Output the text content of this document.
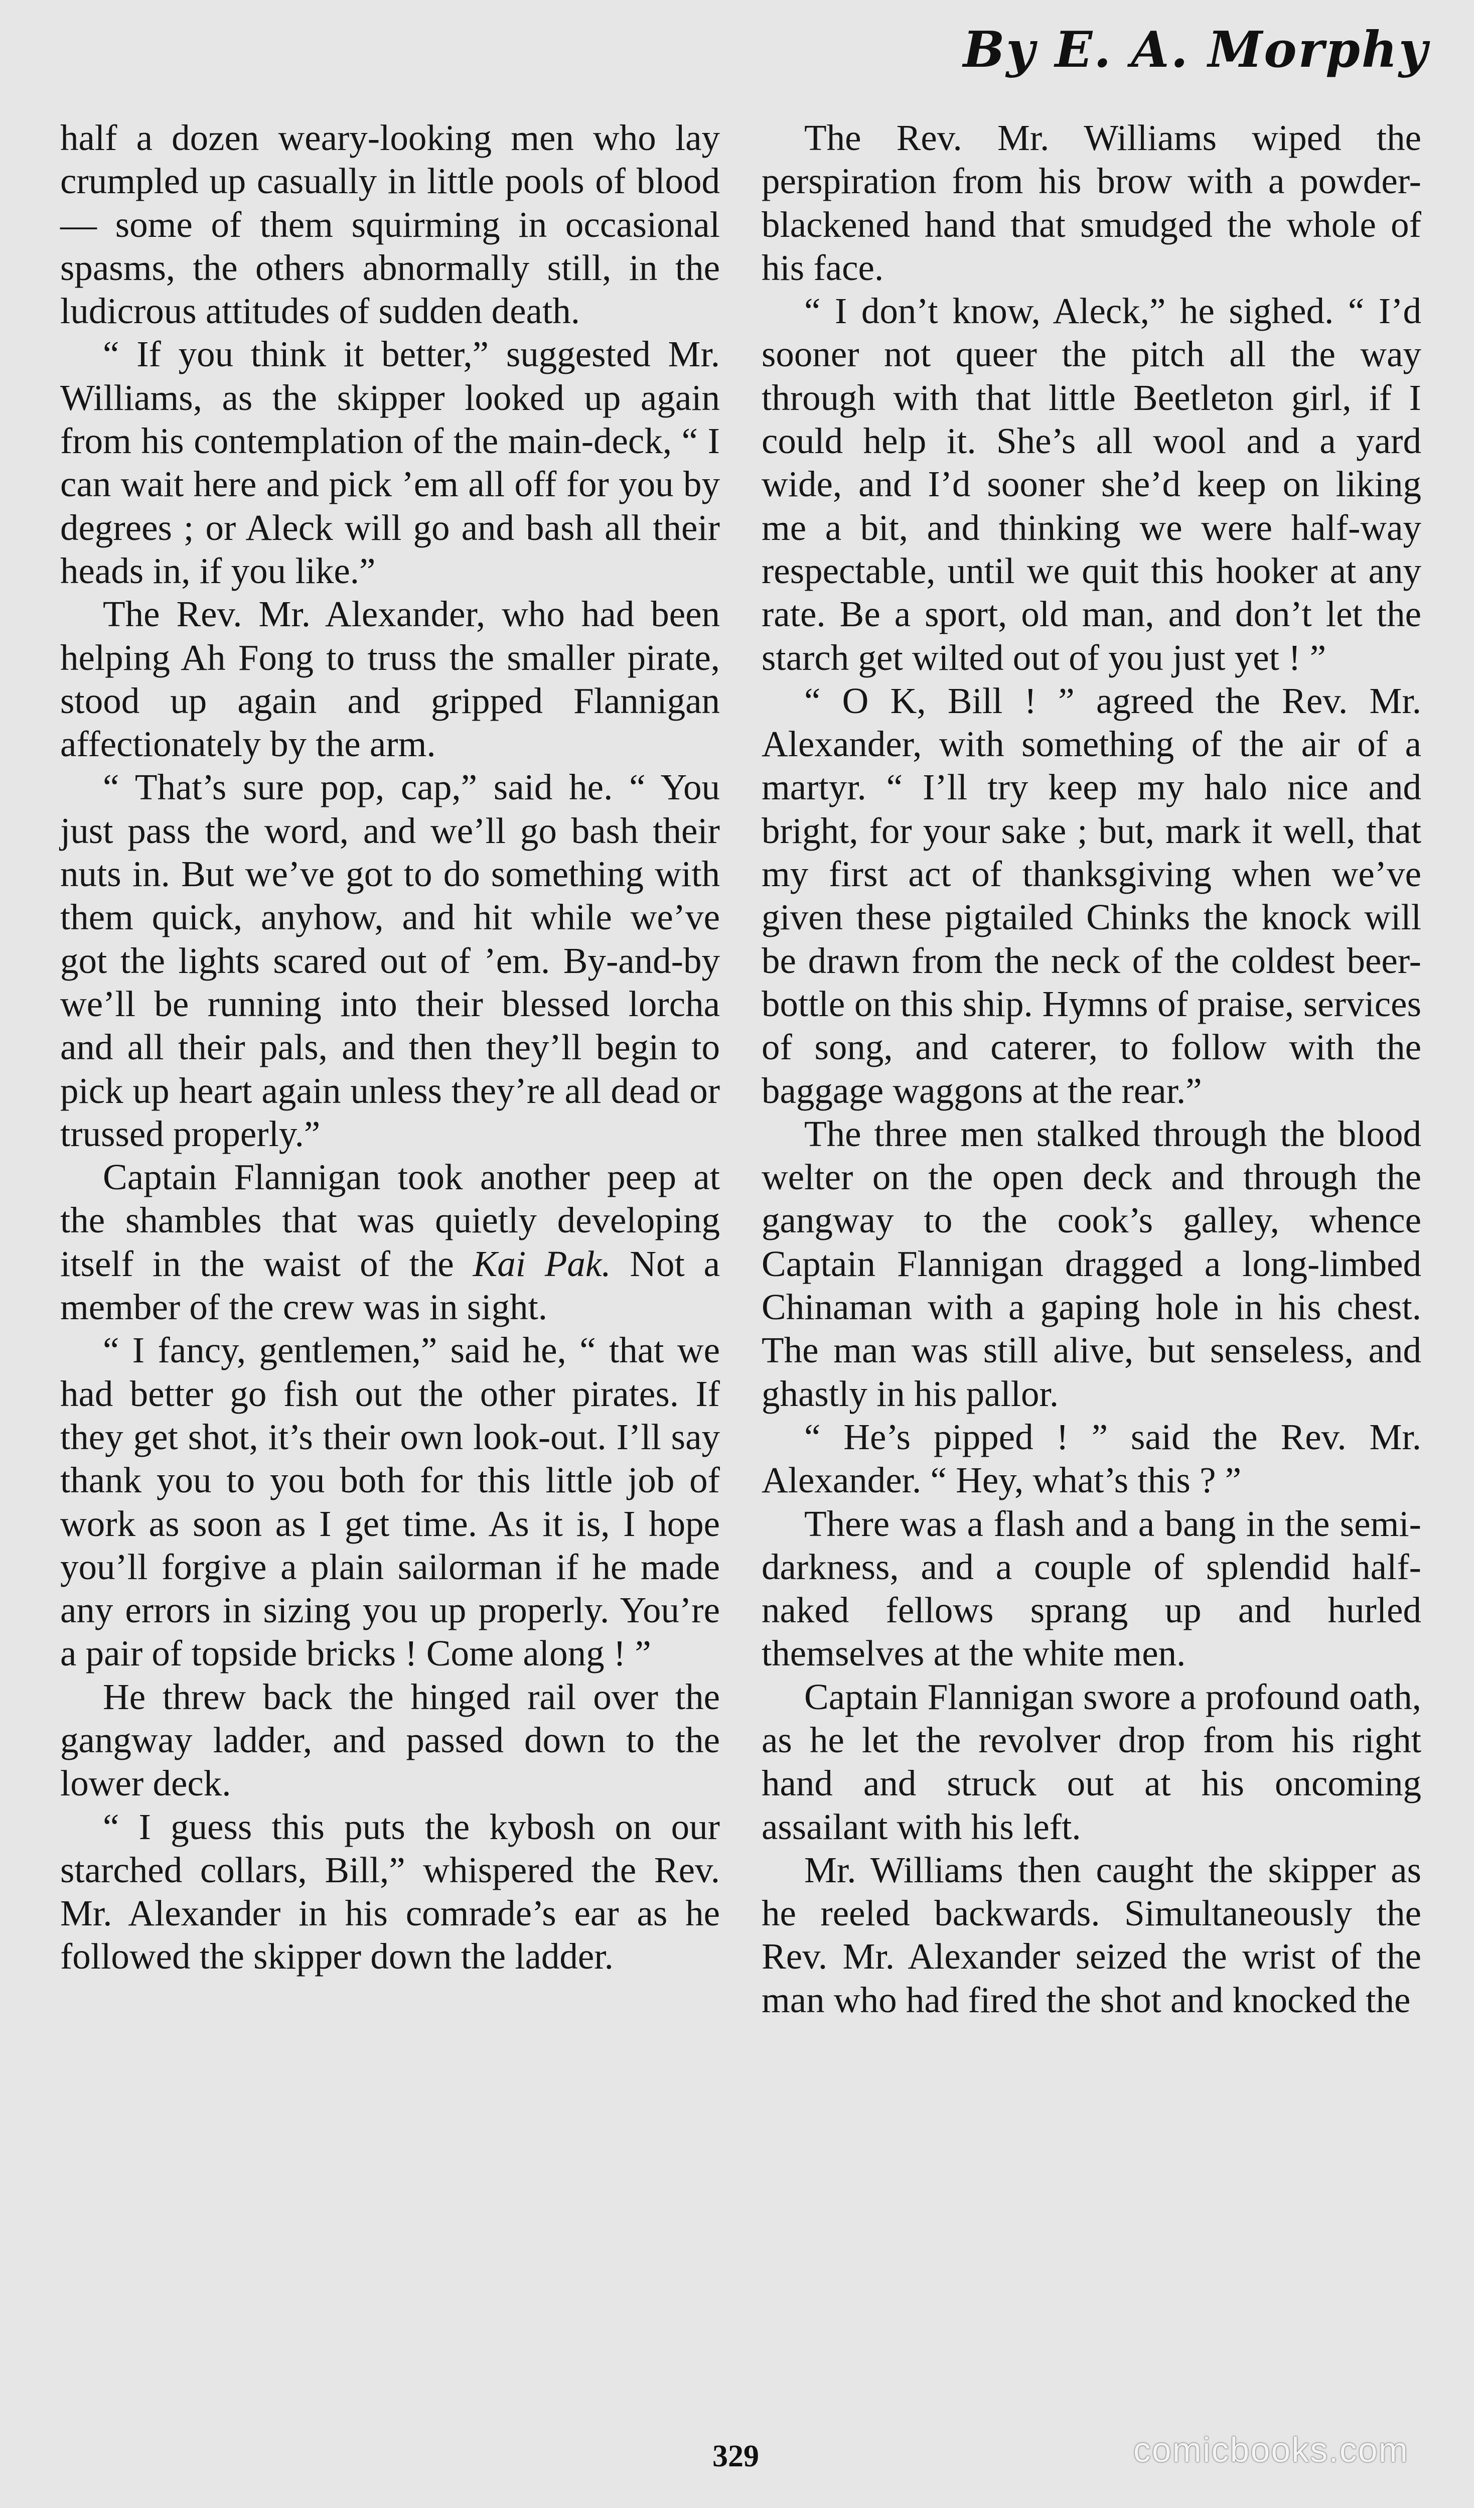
By E. A. Morphy

half a dozen weary-looking men who lay crumpled up casually in little pools of blood — some of them squirming in occasional spasms, the others abnormally still, in the ludicrous attitudes of sudden death.

“ If you think it better,” suggested Mr. Williams, as the skipper looked up again from his contemplation of the main-deck, “ I can wait here and pick ’em all off for you by degrees ; or Aleck will go and bash all their heads in, if you like.”

The Rev. Mr. Alexander, who had been helping Ah Fong to truss the smaller pirate, stood up again and gripped Flannigan affectionately by the arm.

“ That’s sure pop, cap,” said he. “ You just pass the word, and we’ll go bash their nuts in. But we’ve got to do something with them quick, anyhow, and hit while we’ve got the lights scared out of ’em. By-and-by we’ll be running into their blessed lorcha and all their pals, and then they’ll begin to pick up heart again unless they’re all dead or trussed properly.”

Captain Flannigan took another peep at the shambles that was quietly developing itself in the waist of the Kai Pak. Not a member of the crew was in sight.

“ I fancy, gentlemen,” said he, “ that we had better go fish out the other pirates. If they get shot, it’s their own look-out. I’ll say thank you to you both for this little job of work as soon as I get time. As it is, I hope you’ll forgive a plain sailorman if he made any errors in sizing you up properly. You’re a pair of topside bricks ! Come along ! ”

He threw back the hinged rail over the gangway ladder, and passed down to the lower deck.

“ I guess this puts the kybosh on our starched collars, Bill,” whispered the Rev. Mr. Alexander in his comrade’s ear as he followed the skipper down the ladder.

The Rev. Mr. Williams wiped the perspiration from his brow with a powder-blackened hand that smudged the whole of his face.

“ I don’t know, Aleck,” he sighed. “ I’d sooner not queer the pitch all the way through with that little Beetleton girl, if I could help it. She’s all wool and a yard wide, and I’d sooner she’d keep on liking me a bit, and thinking we were half-way respectable, until we quit this hooker at any rate. Be a sport, old man, and don’t let the starch get wilted out of you just yet ! ”

“ O K, Bill ! ” agreed the Rev. Mr. Alexander, with something of the air of a martyr. “ I’ll try keep my halo nice and bright, for your sake ; but, mark it well, that my first act of thanksgiving when we’ve given these pigtailed Chinks the knock will be drawn from the neck of the coldest beer-bottle on this ship. Hymns of praise, services of song, and caterer, to follow with the baggage waggons at the rear.”

The three men stalked through the blood welter on the open deck and through the gangway to the cook’s galley, whence Captain Flannigan dragged a long-limbed Chinaman with a gaping hole in his chest. The man was still alive, but senseless, and ghastly in his pallor.

“ He’s pipped ! ” said the Rev. Mr. Alexander. “ Hey, what’s this ? ”

There was a flash and a bang in the semi-darkness, and a couple of splendid half-naked fellows sprang up and hurled themselves at the white men.

Captain Flannigan swore a profound oath, as he let the revolver drop from his right hand and struck out at his oncoming assailant with his left.

Mr. Williams then caught the skipper as he reeled backwards. Simultaneously the Rev. Mr. Alexander seized the wrist of the man who had fired the shot and knocked the

329	comicbooks.com
